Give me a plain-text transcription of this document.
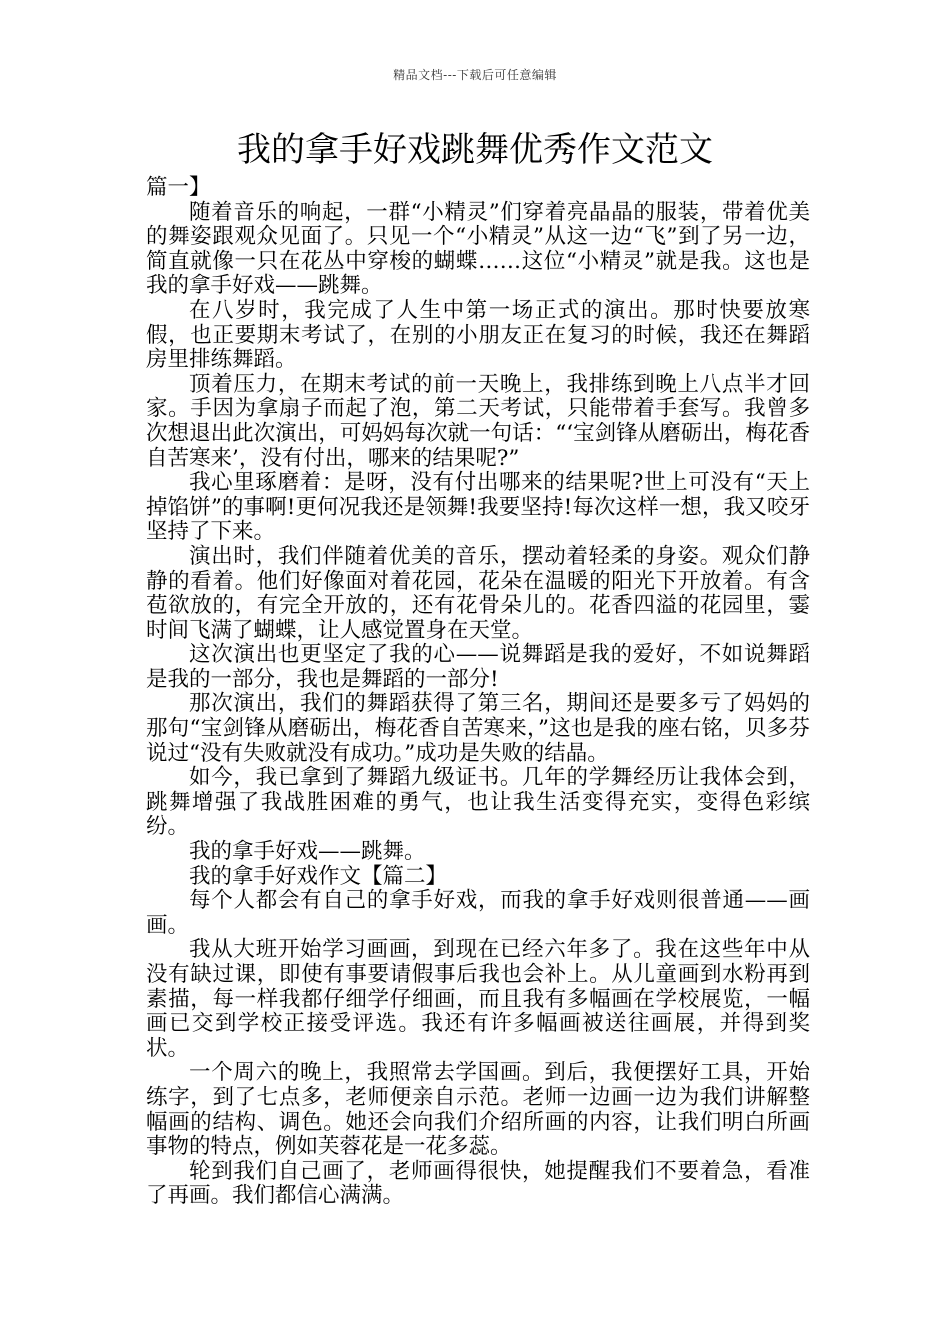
精品文档---下载后可任意编辑
我的拿手好戏跳舞优秀作文范文

篇一】

随着音乐的响起，一群“小精灵”们穿着亮晶晶的服装，带着优美的舞姿跟观众见面了。只见一个“小精灵”从这一边“飞”到了另一边，简直就像一只在花丛中穿梭的蝴蝶……这位“小精灵”就是我。这也是我的拿手好戏——跳舞。

在八岁时，我完成了人生中第一场正式的演出。那时快要放寒假，也正要期末考试了，在别的小朋友正在复习的时候，我还在舞蹈房里排练舞蹈。

顶着压力，在期末考试的前一天晚上，我排练到晚上八点半才回家。手因为拿扇子而起了泡，第二天考试，只能带着手套写。我曾多次想退出此次演出，可妈妈每次就一句话：“‘宝剑锋从磨砺出，梅花香自苦寒来’，没有付出，哪来的结果呢?”

我心里琢磨着：是呀，没有付出哪来的结果呢?世上可没有“天上掉馅饼”的事啊!更何况我还是领舞!我要坚持!每次这样一想，我又咬牙坚持了下来。

演出时，我们伴随着优美的音乐，摆动着轻柔的身姿。观众们静静的看着。他们好像面对着花园，花朵在温暖的阳光下开放着。有含苞欲放的，有完全开放的，还有花骨朵儿的。花香四溢的花园里，霎时间飞满了蝴蝶，让人感觉置身在天堂。

这次演出也更坚定了我的心——说舞蹈是我的爱好，不如说舞蹈是我的一部分，我也是舞蹈的一部分!

那次演出，我们的舞蹈获得了第三名，期间还是要多亏了妈妈的那句“宝剑锋从磨砺出，梅花香自苦寒来，”这也是我的座右铭，贝多芬说过“没有失败就没有成功。”成功是失败的结晶。

如今，我已拿到了舞蹈九级证书。几年的学舞经历让我体会到，跳舞增强了我战胜困难的勇气，也让我生活变得充实，变得色彩缤纷。

我的拿手好戏——跳舞。

我的拿手好戏作文【篇二】

每个人都会有自己的拿手好戏，而我的拿手好戏则很普通——画画。

我从大班开始学习画画，到现在已经六年多了。我在这些年中从没有缺过课，即使有事要请假事后我也会补上。从儿童画到水粉再到素描，每一样我都仔细学仔细画，而且我有多幅画在学校展览，一幅画已交到学校正接受评选。我还有许多幅画被送往画展，并得到奖状。

一个周六的晚上，我照常去学国画。到后，我便摆好工具，开始练字，到了七点多，老师便亲自示范。老师一边画一边为我们讲解整幅画的结构、调色。她还会向我们介绍所画的内容，让我们明白所画事物的特点，例如芙蓉花是一花多蕊。

轮到我们自己画了，老师画得很快，她提醒我们不要着急，看准了再画。我们都信心满满。
